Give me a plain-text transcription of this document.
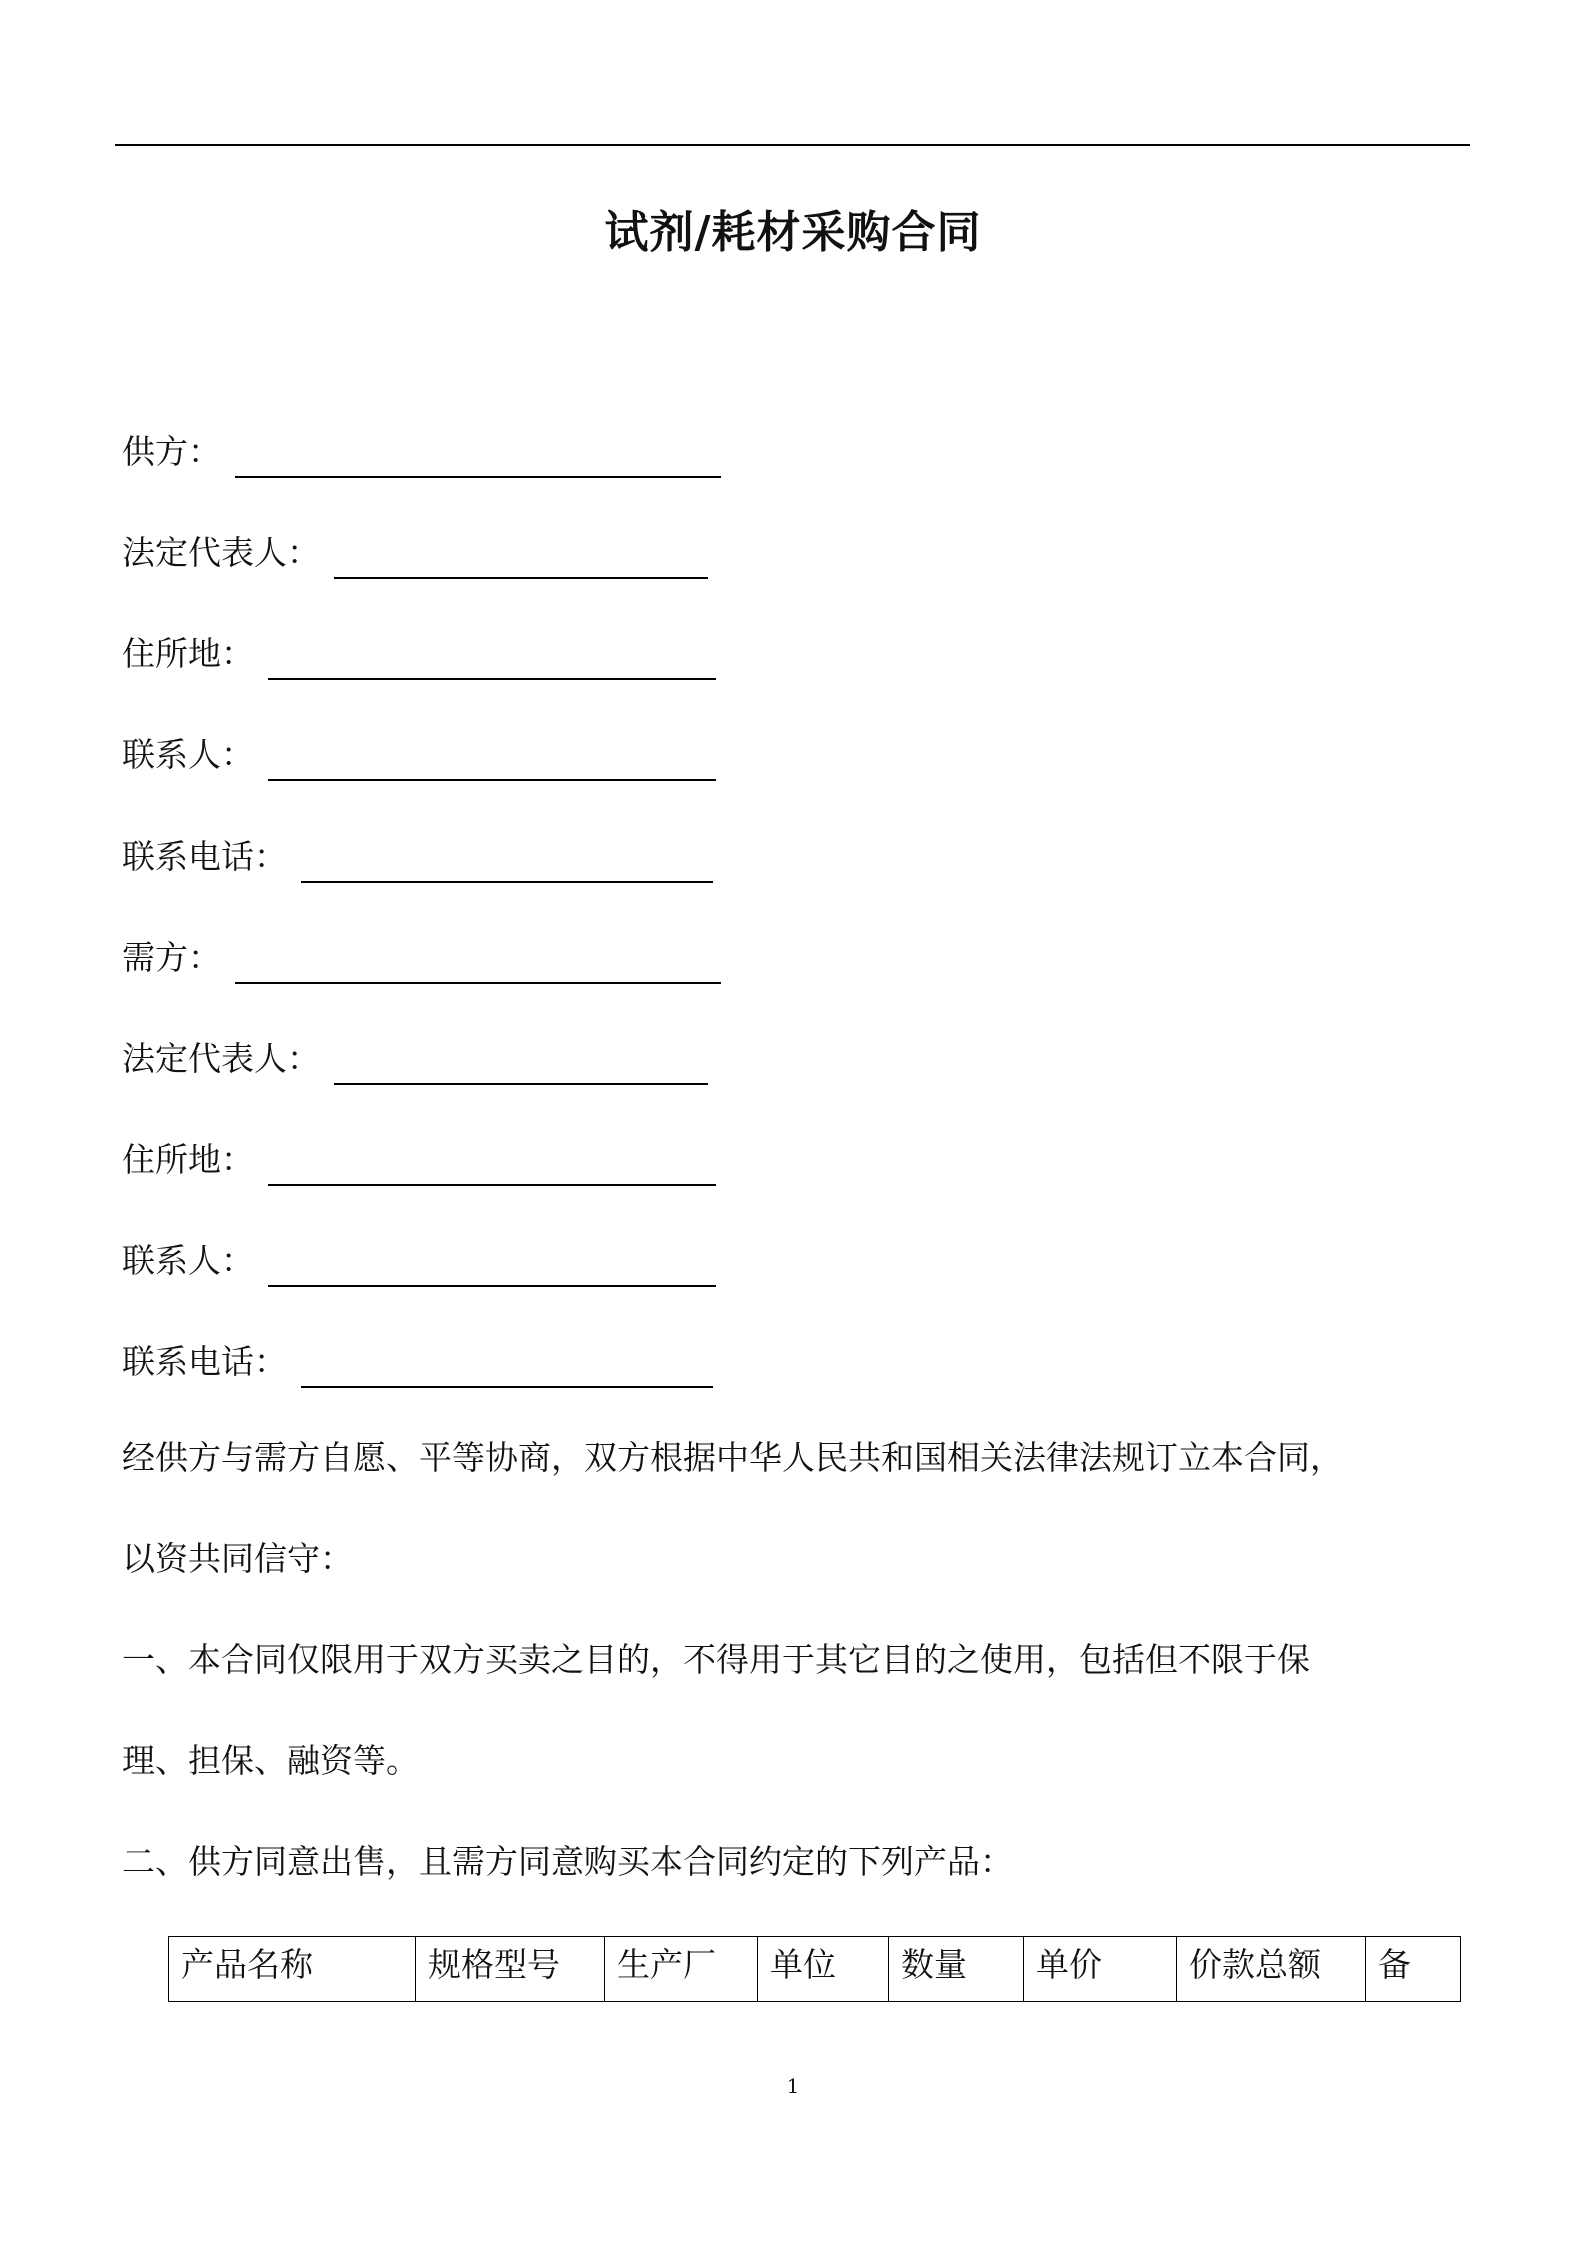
试剂/耗材采购合同
供方：
法定代表人：
住所地：
联系人：
联系电话：
需方：
法定代表人：
住所地：
联系人：
联系电话：

经供方与需方自愿、平等协商，双方根据中华人民共和国相关法律法规订立本合同，

以资共同信守：

一、本合同仅限用于双方买卖之目的，不得用于其它目的之使用，包括但不限于保

理、担保、融资等。

二、供方同意出售，且需方同意购买本合同约定的下列产品：

产品名称	规格型号	生产厂	单位	数量	单价	价款总额	备
1
